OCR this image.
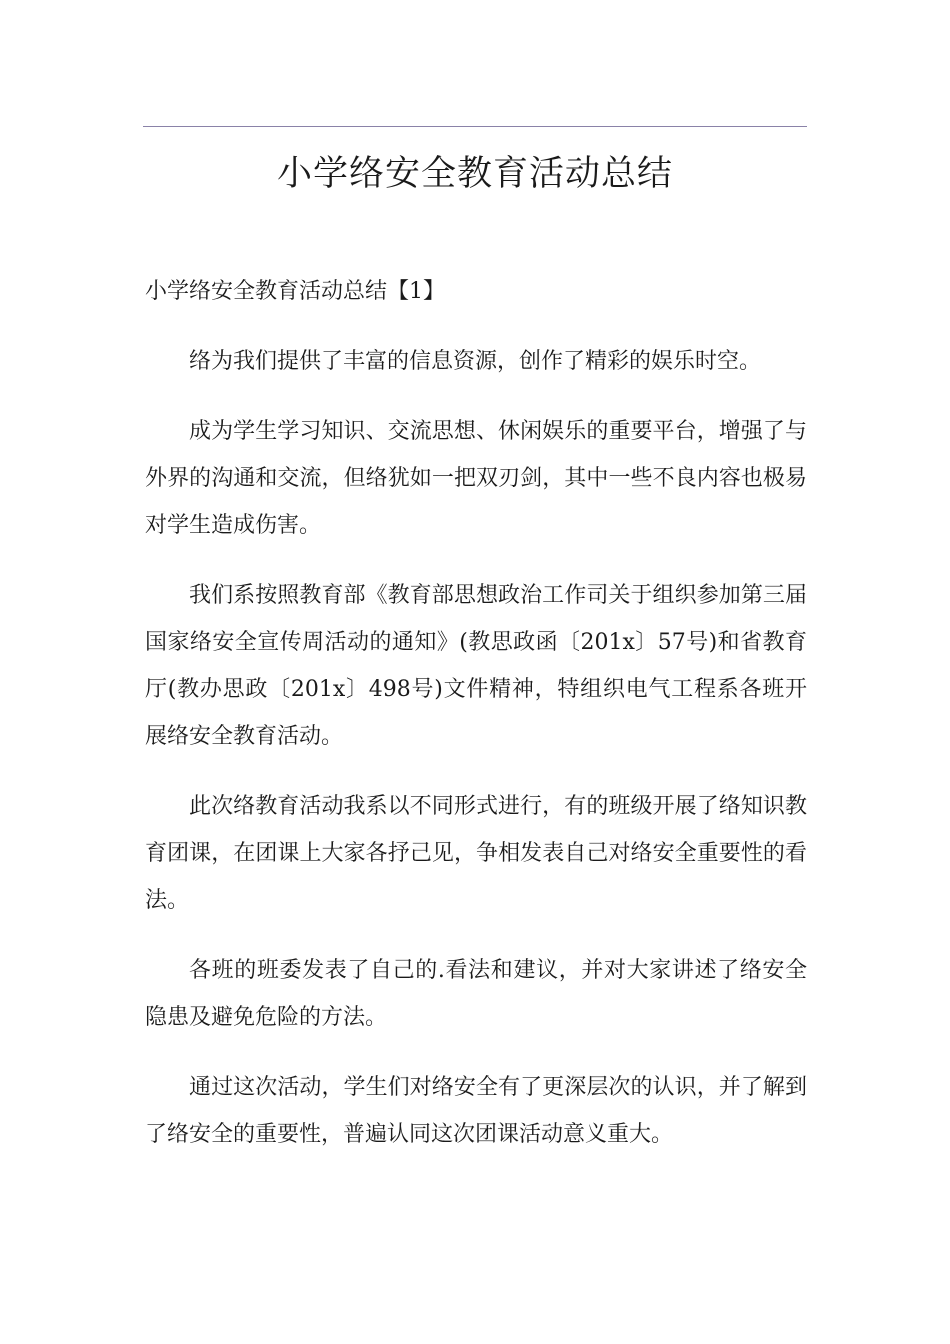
小学络安全教育活动总结
小学络安全教育活动总结【1】

络为我们提供了丰富的信息资源，创作了精彩的娱乐时空。

成为学生学习知识、交流思想、休闲娱乐的重要平台，增强了与外界的沟通和交流，但络犹如一把双刃剑，其中一些不良内容也极易对学生造成伤害。

我们系按照教育部《教育部思想政治工作司关于组织参加第三届国家络安全宣传周活动的通知》(教思政函〔201x〕57号)和省教育厅(教办思政〔201x〕498号)文件精神，特组织电气工程系各班开展络安全教育活动。

此次络教育活动我系以不同形式进行，有的班级开展了络知识教育团课，在团课上大家各抒己见，争相发表自己对络安全重要性的看法。

各班的班委发表了自己的.看法和建议，并对大家讲述了络安全隐患及避免危险的方法。

通过这次活动，学生们对络安全有了更深层次的认识，并了解到了络安全的重要性，普遍认同这次团课活动意义重大。
